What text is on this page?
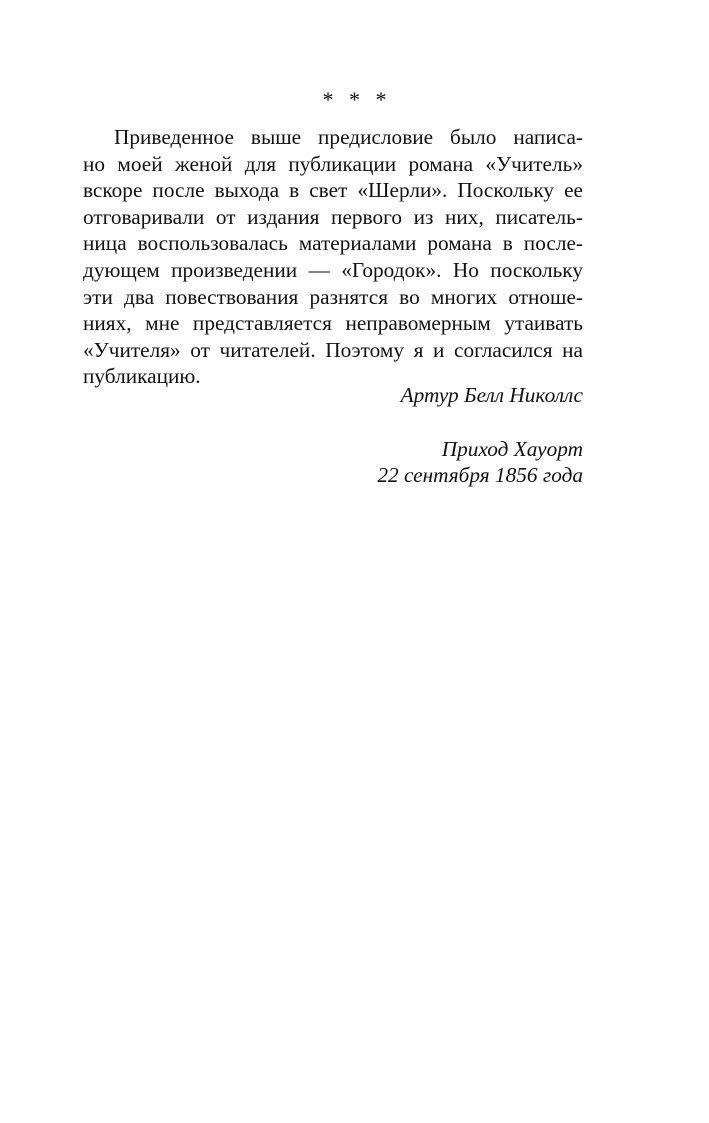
* * *
Приведенное выше предисловие было написа-
но моей женой для публикации романа «Учитель»
вскоре после выхода в свет «Шерли». Поскольку ее
отговаривали от издания первого из них, писатель-
ница воспользовалась материалами романа в после-
дующем произведении — «Городок». Но поскольку
эти два повествования разнятся во многих отноше-
ниях, мне представляется неправомерным утаивать
«Учителя» от читателей. Поэтому я и согласился на
публикацию.
Артур Белл Николлс
Приход Хауорт
22 сентября 1856 года
